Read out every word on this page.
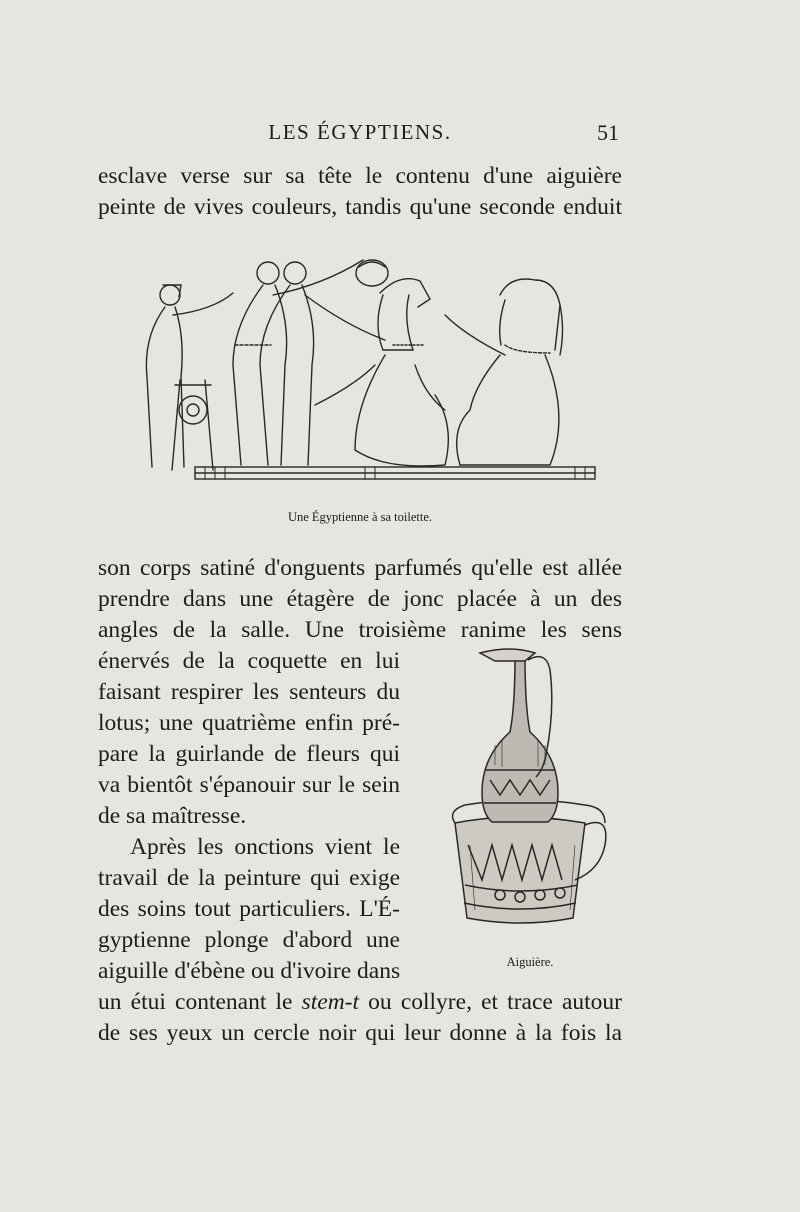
LES ÉGYPTIENS.	51
esclave verse sur sa tête le contenu d'une aiguière
peinte de vives couleurs, tandis qu'une seconde enduit
Une Égyptienne à sa toilette.
son corps satiné d'onguents parfumés qu'elle est allée
prendre dans une étagère de jonc placée à un des
angles de la salle. Une troisième ranime les sens
énervés de la coquette en lui
faisant respirer les senteurs du
lotus; une quatrième enfin pré-
pare la guirlande de fleurs qui
va bientôt s'épanouir sur le sein
de sa maîtresse.
Après les onctions vient le
travail de la peinture qui exige
des soins tout particuliers. L'É-
gyptienne plonge d'abord une
aiguille d'ébène ou d'ivoire dans
un étui contenant le stem-t ou collyre, et trace autour
de ses yeux un cercle noir qui leur donne à la fois la
Aiguière.
